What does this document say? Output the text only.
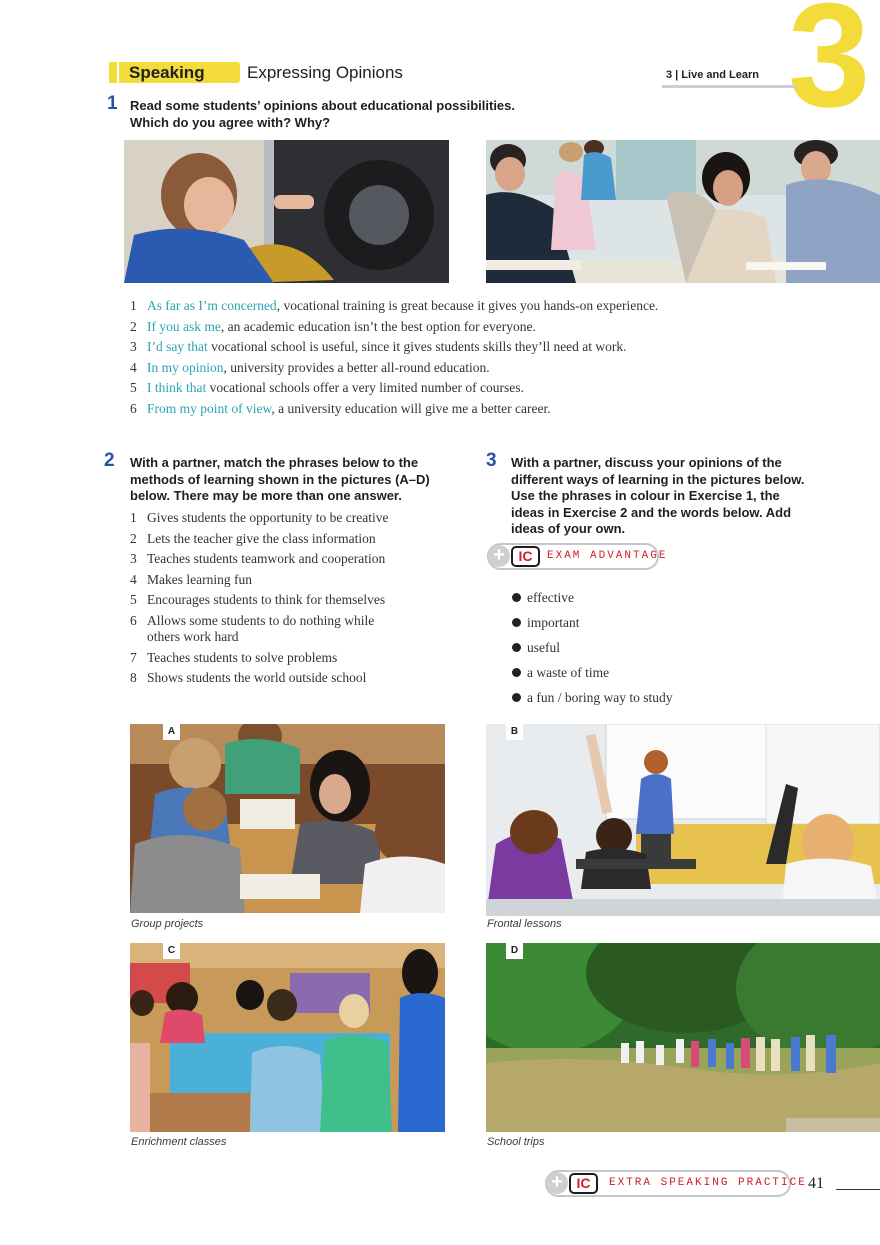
3
3 | Live and Learn
Speaking Expressing Opinions
1 Read some students’ opinions about educational possibilities.
Which do you agree with? Why?
1 As far as I’m concerned, vocational training is great because it gives you hands-on experience.
2 If you ask me, an academic education isn’t the best option for everyone.
3 I’d say that vocational school is useful, since it gives students skills they’ll need at work.
4 In my opinion, university provides a better all-round education.
5 I think that vocational schools offer a very limited number of courses.
6 From my point of view, a university education will give me a better career.
2 With a partner, match the phrases below to the methods of learning shown in the pictures (A–D) below. There may be more than one answer.
1 Gives students the opportunity to be creative
2 Lets the teacher give the class information
3 Teaches students teamwork and cooperation
4 Makes learning fun
5 Encourages students to think for themselves
6 Allows some students to do nothing while others work hard
7 Teaches students to solve problems
8 Shows students the world outside school
3 With a partner, discuss your opinions of the different ways of learning in the pictures below. Use the phrases in colour in Exercise 1, the ideas in Exercise 2 and the words below. Add ideas of your own.
+ IC	EXAM ADVANTAGE
effective
important
useful
a waste of time
a fun / boring way to study
A
Group projects
B
Frontal lessons
C
Enrichment classes
D
School trips
+ IC	EXTRA SPEAKING PRACTICE 41
